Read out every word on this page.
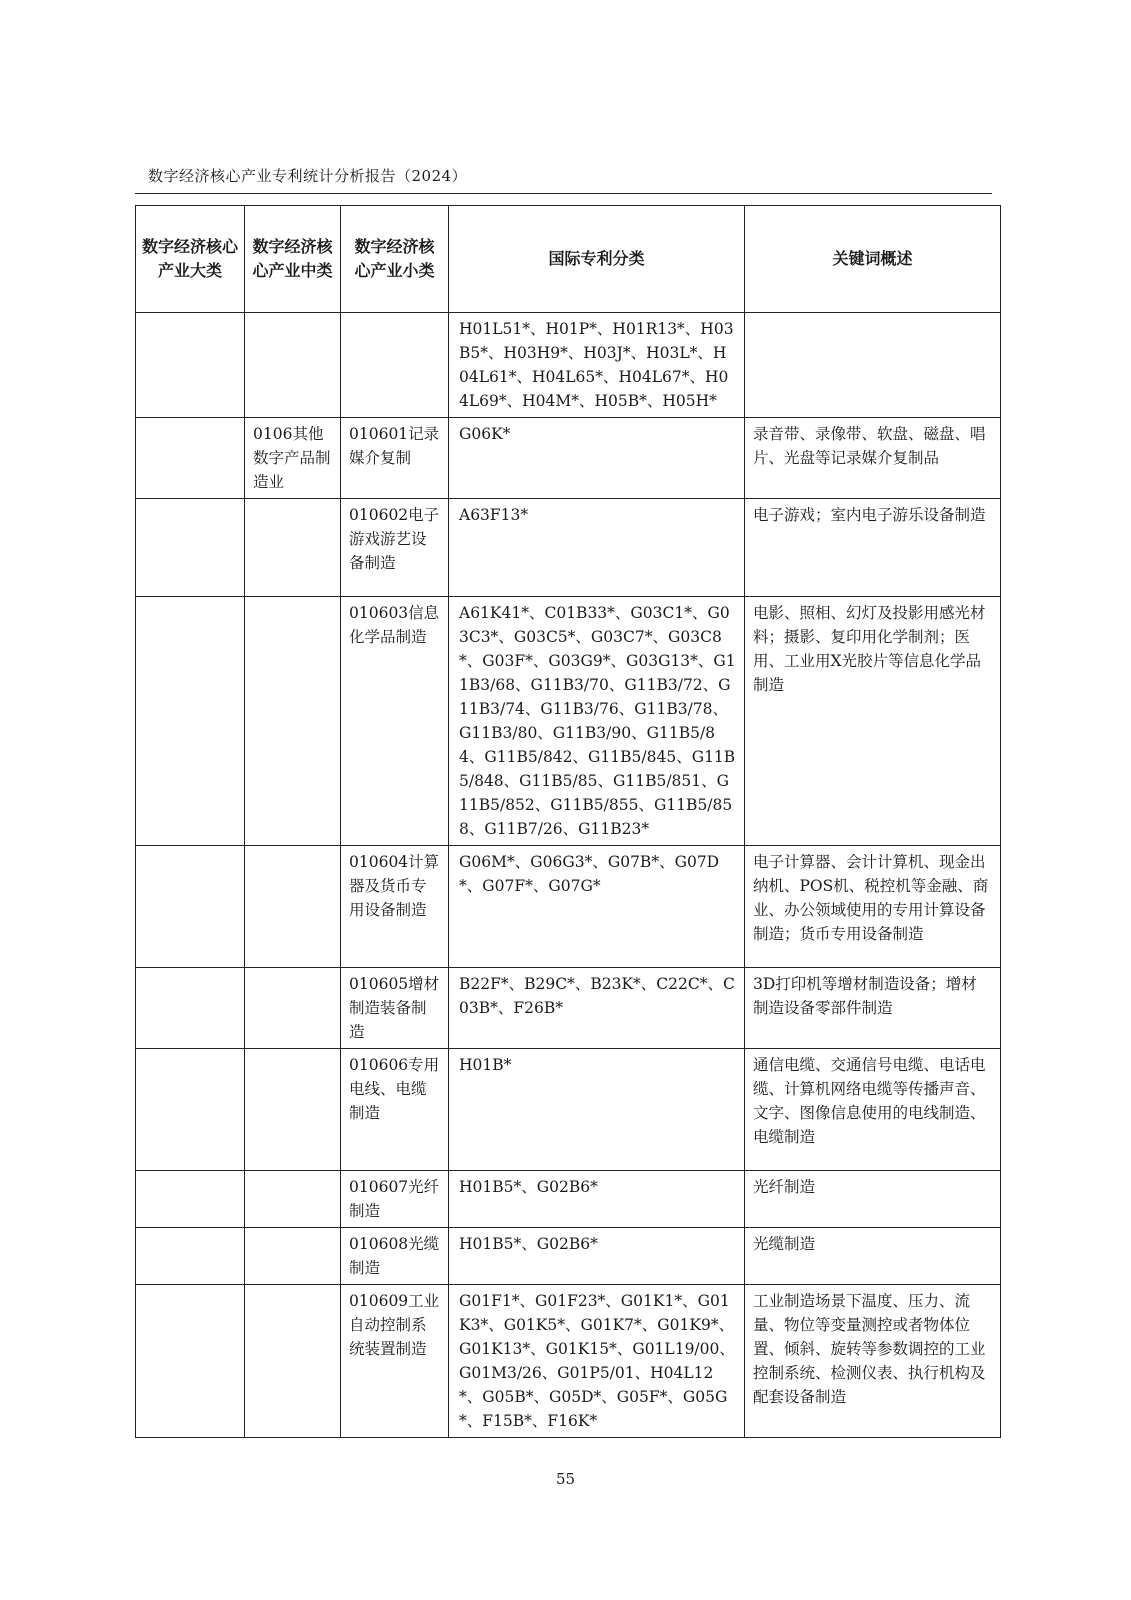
数字经济核心产业专利统计分析报告（2024）
数字经济核心产业大类	数字经济核心产业中类	数字经济核心产业小类	国际专利分类	关键词概述
			H01L51*、H01P*、H01R13*、H03B5*、H03H9*、H03J*、H03L*、H04L61*、H04L65*、H04L67*、H04L69*、H04M*、H05B*、H05H*	
	0106其他数字产品制造业	010601记录媒介复制	G06K*	录音带、录像带、软盘、磁盘、唱片、光盘等记录媒介复制品
		010602电子游戏游艺设备制造	A63F13*	电子游戏；室内电子游乐设备制造
		010603信息化学品制造	A61K41*、C01B33*、G03C1*、G03C3*、G03C5*、G03C7*、G03C8*、G03F*、G03G9*、G03G13*、G11B3/68、G11B3/70、G11B3/72、G11B3/74、G11B3/76、G11B3/78、G11B3/80、G11B3/90、G11B5/84、G11B5/842、G11B5/845、G11B5/848、G11B5/85、G11B5/851、G11B5/852、G11B5/855、G11B5/858、G11B7/26、G11B23*	电影、照相、幻灯及投影用感光材料；摄影、复印用化学制剂；医用、工业用X光胶片等信息化学品制造
		010604计算器及货币专用设备制造	G06M*、G06G3*、G07B*、G07D*、G07F*、G07G*	电子计算器、会计计算机、现金出纳机、POS机、税控机等金融、商业、办公领域使用的专用计算设备制造；货币专用设备制造
		010605增材制造装备制造	B22F*、B29C*、B23K*、C22C*、C03B*、F26B*	3D打印机等增材制造设备；增材制造设备零部件制造
		010606专用电线、电缆制造	H01B*	通信电缆、交通信号电缆、电话电缆、计算机网络电缆等传播声音、文字、图像信息使用的电线制造、电缆制造
		010607光纤制造	H01B5*、G02B6*	光纤制造
		010608光缆制造	H01B5*、G02B6*	光缆制造
		010609工业自动控制系统装置制造	G01F1*、G01F23*、G01K1*、G01K3*、G01K5*、G01K7*、G01K9*、G01K13*、G01K15*、G01L19/00、G01M3/26、G01P5/01、H04L12*、G05B*、G05D*、G05F*、G05G*、F15B*、F16K*	工业制造场景下温度、压力、流量、物位等变量测控或者物体位置、倾斜、旋转等参数调控的工业控制系统、检测仪表、执行机构及配套设备制造
55
